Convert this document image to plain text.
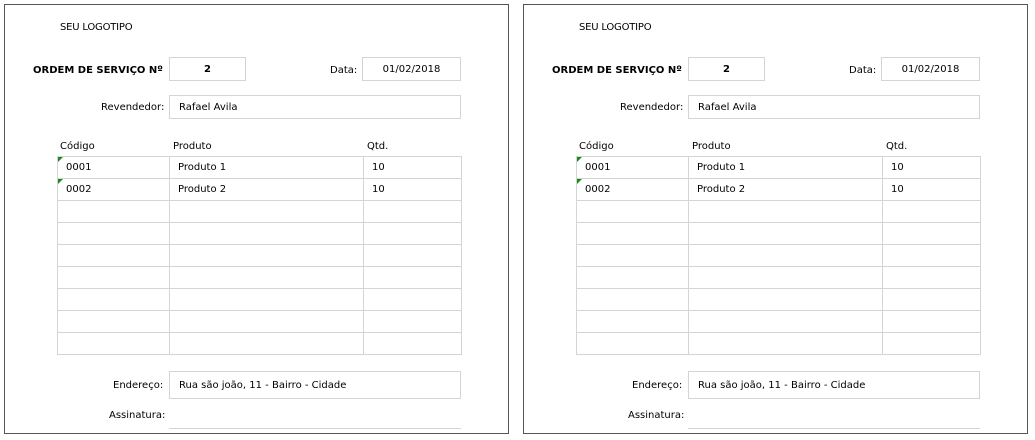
SEU LOGOTIPO
ORDEM DE SERVIÇO Nº	2	Data:	01/02/2018
Revendedor:	Rafael Avila
Código	Produto	Qtd.
0001	Produto 1	10

0002	Produto 2	10

Endereço:	Rua são joão, 11 - Bairro - Cidade
Assinatura:
SEU LOGOTIPO
ORDEM DE SERVIÇO Nº	2	Data:	01/02/2018
Revendedor:	Rafael Avila
Código	Produto	Qtd.
0001	Produto 1	10

0002	Produto 2	10

Endereço:	Rua são joão, 11 - Bairro - Cidade
Assinatura:
